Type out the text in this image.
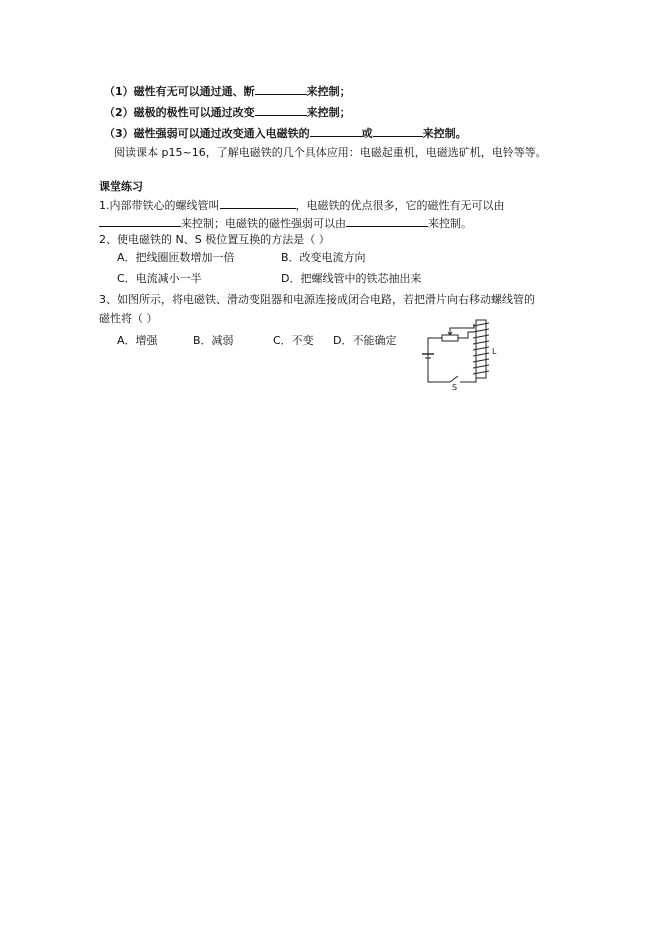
（1）磁性有无可以通过通、断	来控制；
（2）磁极的极性可以通过改变	来控制；
（3）磁性强弱可以通过改变通入电磁铁的	或	来控制。
阅读课本 p15~16，了解电磁铁的几个具体应用：电磁起重机，电磁选矿机，电铃等等。
课堂练习
1.内部带铁心的螺线管叫	，电磁铁的优点很多，它的磁性有无可以由
来控制；电磁铁的磁性强弱可以由	来控制。
2、使电磁铁的 N、S 极位置互换的方法是（ ）
A．把线圈匝数增加一倍	B．改变电流方向
C．电流减小一半	D．把螺线管中的铁芯抽出来
3、如图所示，将电磁铁、滑动变阻器和电源连接成闭合电路，若把滑片向右移动螺线管的
磁性将（ ）
A．增强	B．减弱	C．不变 D．不能确定
L
S
